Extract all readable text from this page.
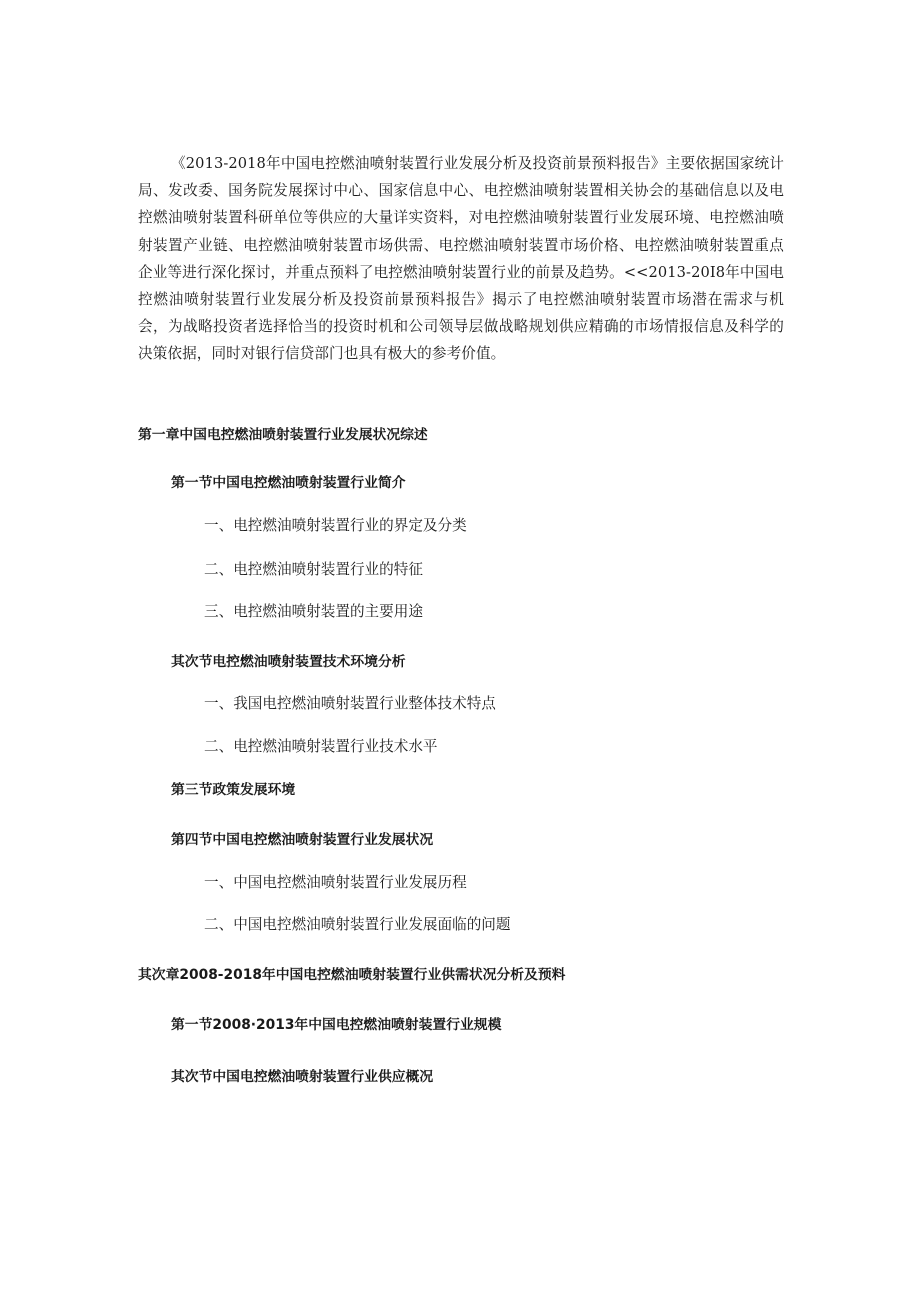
《2013-2018年中国电控燃油喷射装置行业发展分析及投资前景预料报告》主要依据国家统计局、发改委、国务院发展探讨中心、国家信息中心、电控燃油喷射装置相关协会的基础信息以及电控燃油喷射装置科研单位等供应的大量详实资料，对电控燃油喷射装置行业发展环境、电控燃油喷射装置产业链、电控燃油喷射装置市场供需、电控燃油喷射装置市场价格、电控燃油喷射装置重点企业等进行深化探讨，并重点预料了电控燃油喷射装置行业的前景及趋势。<<2013-20I8年中国电控燃油喷射装置行业发展分析及投资前景预料报告》揭示了电控燃油喷射装置市场潜在需求与机会，为战略投资者选择恰当的投资时机和公司领导层做战略规划供应精确的市场情报信息及科学的决策依据，同时对银行信贷部门也具有极大的参考价值。

第一章中国电控燃油喷射装置行业发展状况综述
第一节中国电控燃油喷射装置行业简介
一、电控燃油喷射装置行业的界定及分类
二、电控燃油喷射装置行业的特征
三、电控燃油喷射装置的主要用途
其次节电控燃油喷射装置技术环境分析
一、我国电控燃油喷射装置行业整体技术特点
二、电控燃油喷射装置行业技术水平
第三节政策发展环境
第四节中国电控燃油喷射装置行业发展状况
一、中国电控燃油喷射装置行业发展历程
二、中国电控燃油喷射装置行业发展面临的问题
其次章2008-2018年中国电控燃油喷射装置行业供需状况分析及预料
第一节2008·2013年中国电控燃油喷射装置行业规模
其次节中国电控燃油喷射装置行业供应概况
